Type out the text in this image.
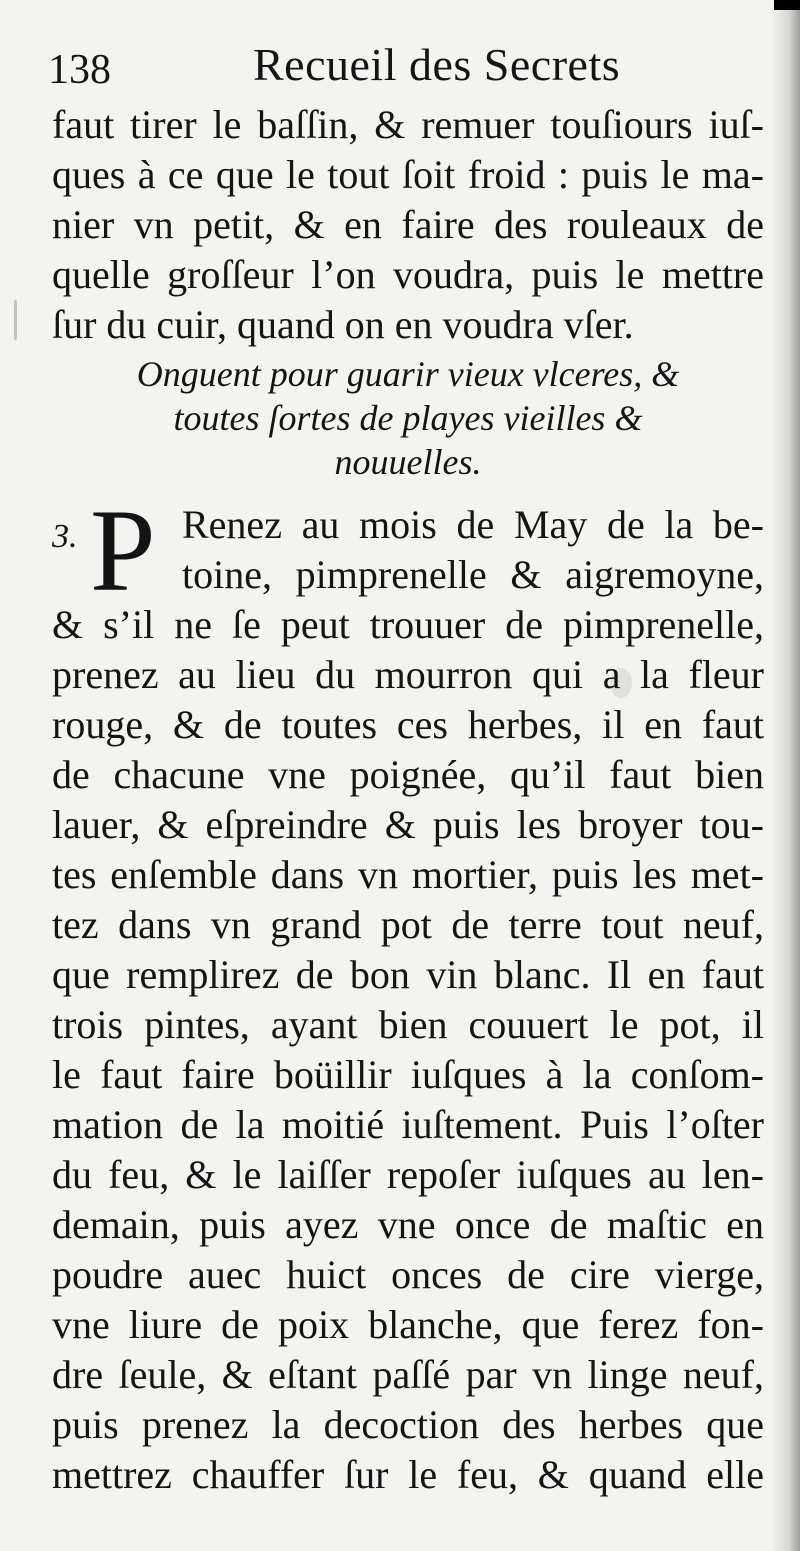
138	Recueil des Secrets
faut tirer le baſſin, & remuer touſiours iuſ-
ques à ce que le tout ſoit froid : puis le ma-
nier vn petit, & en faire des rouleaux de
quelle groſſeur l’on voudra, puis le mettre
ſur du cuir, quand on en voudra vſer.
Onguent pour guarir vieux vlceres, &
toutes ſortes de playes vieilles &
nouuelles.
3. P Renez au mois de May de la be-
toine, pimprenelle & aigremoyne,
& s’il ne ſe peut trouuer de pimprenelle,
prenez au lieu du mourron qui a la fleur
rouge, & de toutes ces herbes, il en faut
de chacune vne poignée, qu’il faut bien
lauer, & eſpreindre & puis les broyer tou-
tes enſemble dans vn mortier, puis les met-
tez dans vn grand pot de terre tout neuf,
que remplirez de bon vin blanc. Il en faut
trois pintes, ayant bien couuert le pot, il
le faut faire boüillir iuſques à la conſom-
mation de la moitié iuſtement. Puis l’oſter
du feu, & le laiſſer repoſer iuſques au len-
demain, puis ayez vne once de maſtic en
poudre auec huict onces de cire vierge,
vne liure de poix blanche, que ferez fon-
dre ſeule, & eſtant paſſé par vn linge neuf,
puis prenez la decoction des herbes que
mettrez chauffer ſur le feu, & quand elle
